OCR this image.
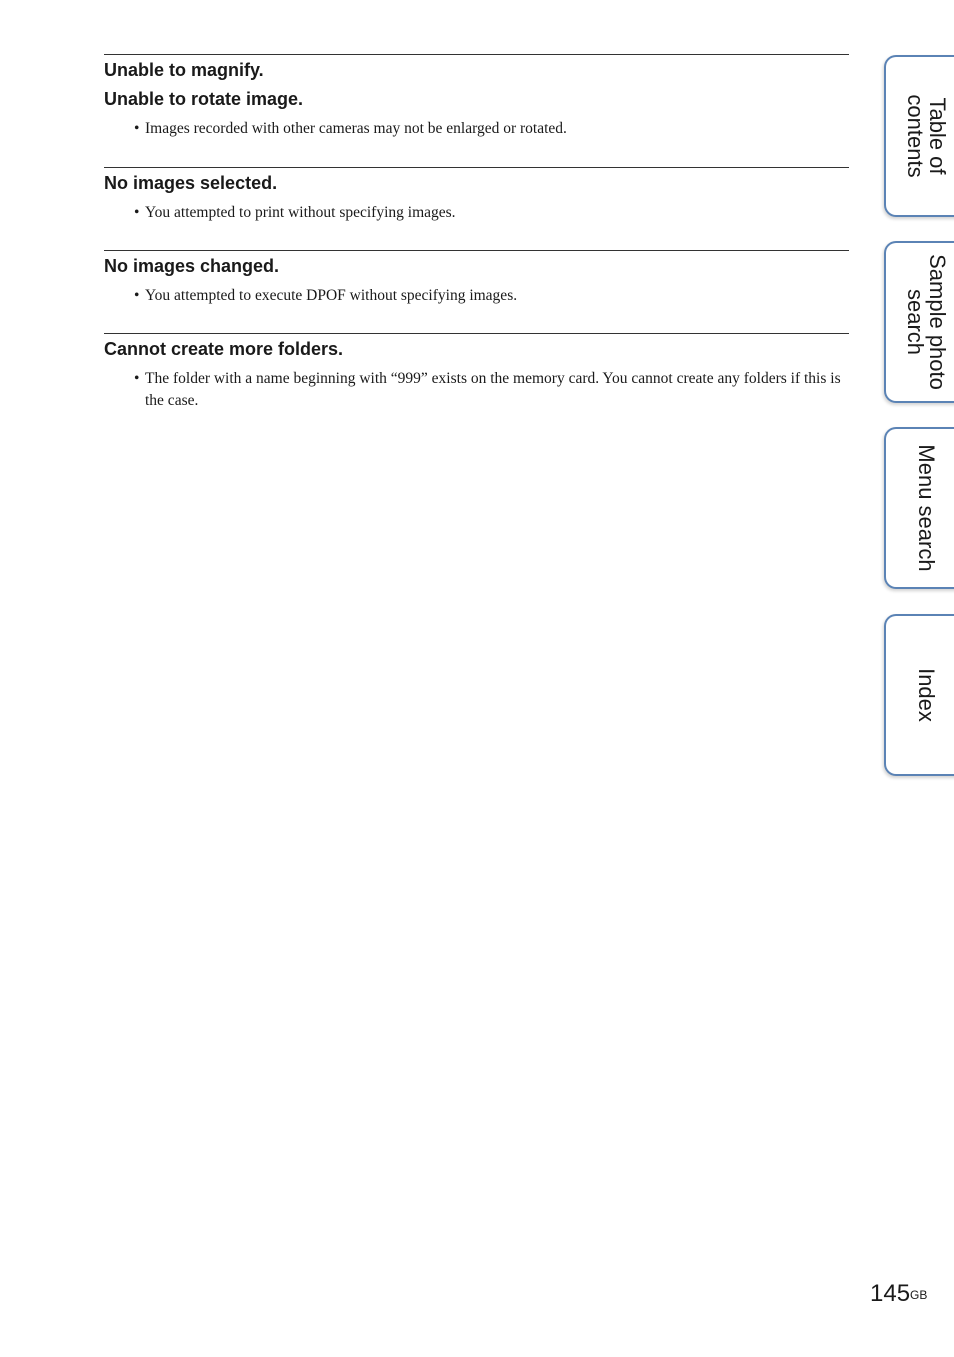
Unable to magnify.

Unable to rotate image.

• Images recorded with other cameras may not be enlarged or rotated.

No images selected.

• You attempted to print without specifying images.

No images changed.

• You attempted to execute DPOF without specifying images.

Cannot create more folders.

• The folder with a name beginning with “999” exists on the memory card. You cannot create any folders if this is the case.

Table of
contents
Sample photo
search
Menu search
Index
$145^{GB}$
